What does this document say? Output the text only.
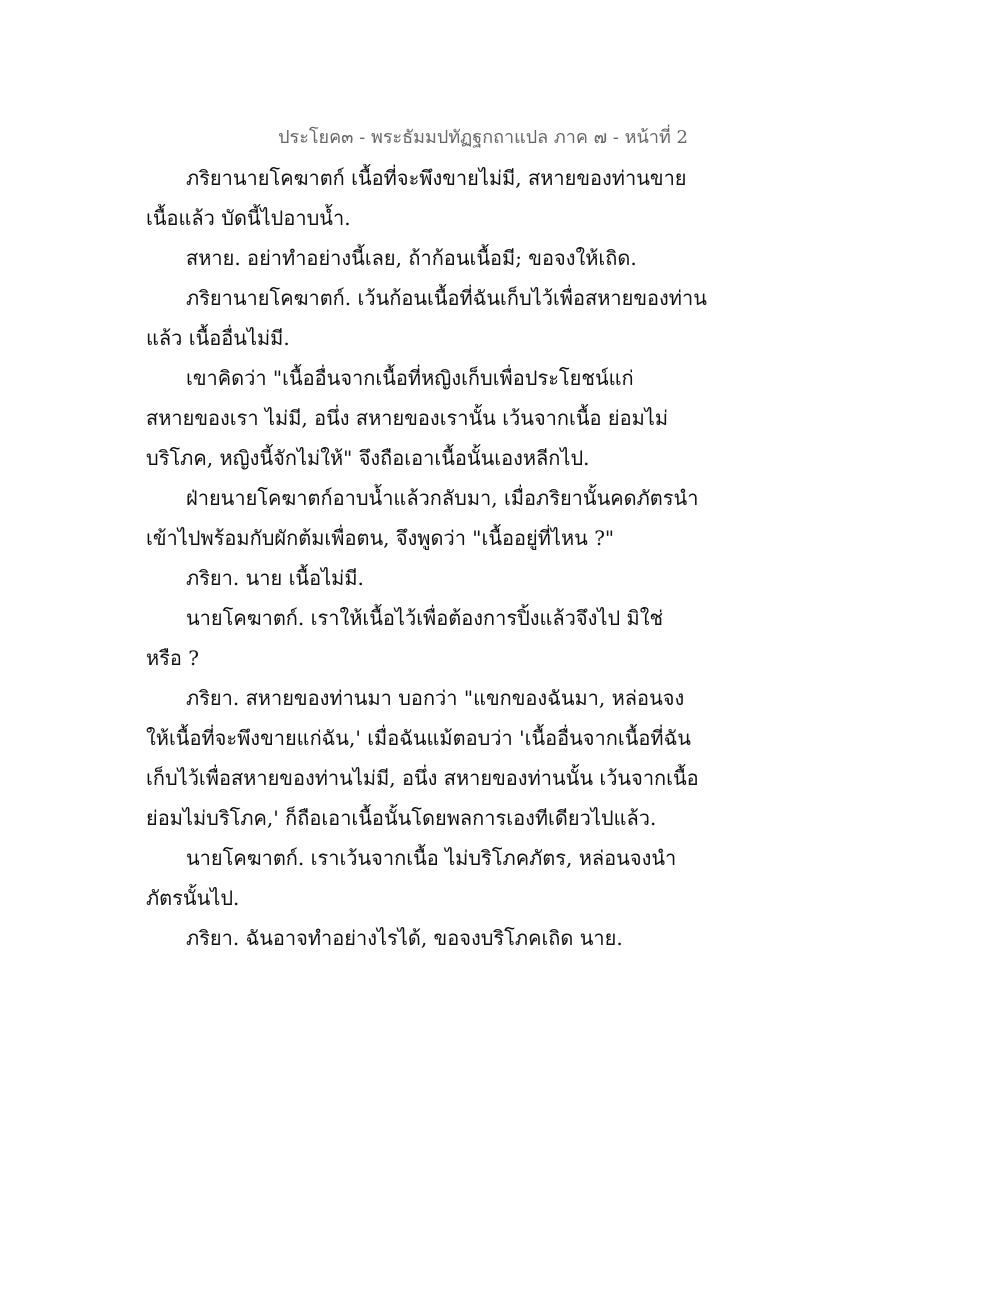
ประโยค๓ - พระธัมมปทัฏฐกถาแปล ภาค ๗ - หน้าที่ 2
ภริยานายโคฆาตก์ เนื้อที่จะพึงขายไม่มี, สหายของท่านขาย
เนื้อแล้ว บัดนี้ไปอาบน้ำ.
สหาย. อย่าทำอย่างนี้เลย, ถ้าก้อนเนื้อมี; ขอจงให้เถิด.
ภริยานายโคฆาตก์. เว้นก้อนเนื้อที่ฉันเก็บไว้เพื่อสหายของท่าน
แล้ว เนื้ออื่นไม่มี.
เขาคิดว่า "เนื้ออื่นจากเนื้อที่หญิงเก็บเพื่อประโยชน์แก่
สหายของเรา ไม่มี, อนึ่ง สหายของเรานั้น เว้นจากเนื้อ ย่อมไม่
บริโภค, หญิงนี้จักไม่ให้" จึงถือเอาเนื้อนั้นเองหลีกไป.
ฝ่ายนายโคฆาตก์อาบน้ำแล้วกลับมา, เมื่อภริยานั้นคดภัตรนำ
เข้าไปพร้อมกับผักต้มเพื่อตน, จึงพูดว่า "เนื้ออยู่ที่ไหน ?"
ภริยา. นาย เนื้อไม่มี.
นายโคฆาตก์. เราให้เนื้อไว้เพื่อต้องการปิ้งแล้วจึงไป มิใช่
หรือ ?
ภริยา. สหายของท่านมา บอกว่า "แขกของฉันมา, หล่อนจง
ให้เนื้อที่จะพึงขายแก่ฉัน,' เมื่อฉันแม้ตอบว่า 'เนื้ออื่นจากเนื้อที่ฉัน
เก็บไว้เพื่อสหายของท่านไม่มี, อนึ่ง สหายของท่านนั้น เว้นจากเนื้อ
ย่อมไม่บริโภค,' ก็ถือเอาเนื้อนั้นโดยพลการเองทีเดียวไปแล้ว.
นายโคฆาตก์. เราเว้นจากเนื้อ ไม่บริโภคภัตร, หล่อนจงนำ
ภัตรนั้นไป.
ภริยา. ฉันอาจทำอย่างไรได้, ขอจงบริโภคเถิด นาย.
